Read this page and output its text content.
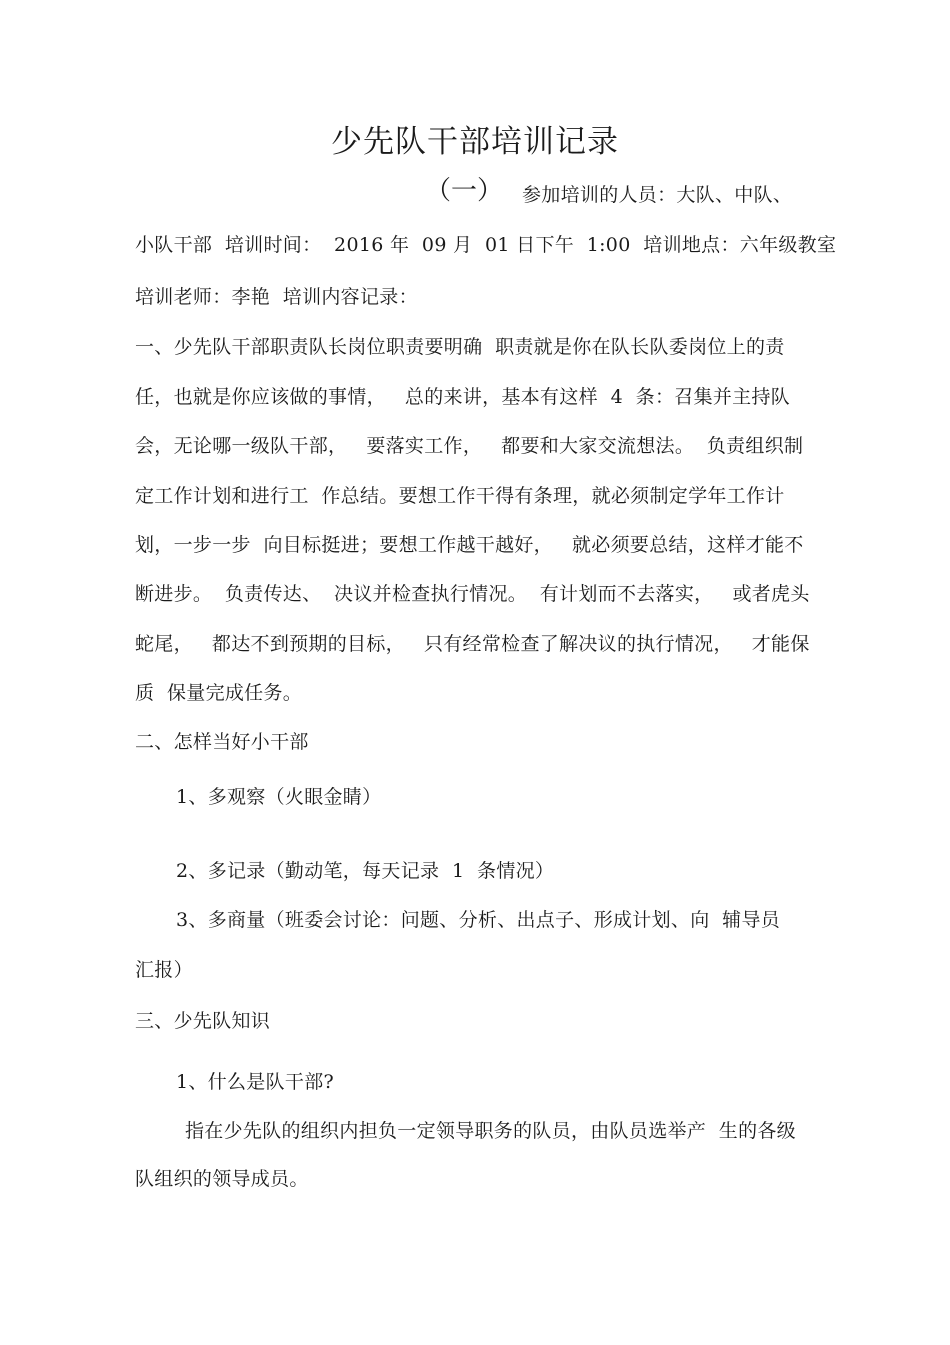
少先队干部培训记录
（一） 参加培训的人员：大队、中队、
小队干部  培训时间：  2016 年  09 月  01 日下午  1:00  培训地点：六年级教室
培训老师：李艳  培训内容记录：
一、少先队干部职责队长岗位职责要明确  职责就是你在队长队委岗位上的责
任，也就是你应该做的事情，   总的来讲，基本有这样  4  条：召集并主持队
会，无论哪一级队干部，   要落实工作，   都要和大家交流想法。  负责组织制
定工作计划和进行工  作总结。要想工作干得有条理，就必须制定学年工作计
划，一步一步  向目标挺进；要想工作越干越好，   就必须要总结，这样才能不
断进步。  负责传达、  决议并检查执行情况。  有计划而不去落实，   或者虎头
蛇尾，   都达不到预期的目标，   只有经常检查了解决议的执行情况，   才能保
质  保量完成任务。
二、怎样当好小干部
1、多观察（火眼金睛）
2、多记录（勤动笔，每天记录  1  条情况）
3、多商量（班委会讨论：问题、分析、出点子、形成计划、向  辅导员
汇报）
三、少先队知识
1、什么是队干部?
指在少先队的组织内担负一定领导职务的队员，由队员选举产  生的各级
队组织的领导成员。
